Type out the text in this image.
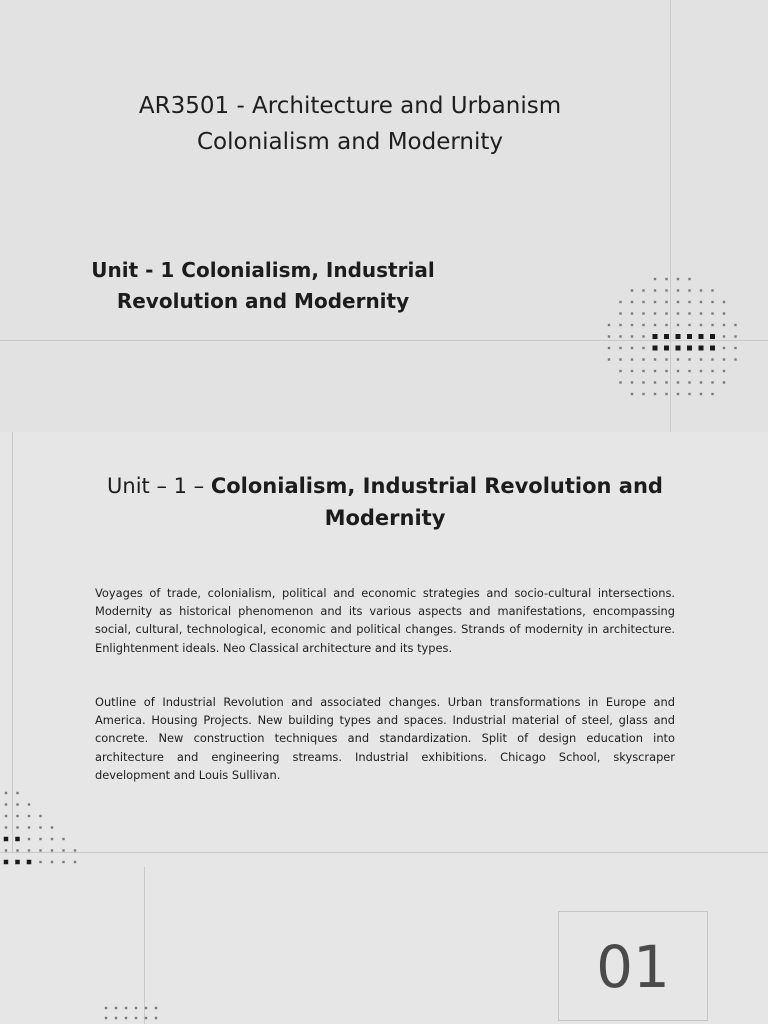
AR3501 - Architecture and Urbanism
Colonialism and Modernity
Unit - 1 Colonialism, Industrial
Revolution and Modernity
Unit – 1 – Colonialism, Industrial Revolution and
Modernity

Voyages of trade, colonialism, political and economic strategies and socio-cultural intersections. Modernity as historical phenomenon and its various aspects and manifestations, encompassing social, cultural, technological, economic and political changes. Strands of modernity in architecture. Enlightenment ideals. Neo Classical architecture and its types.

Outline of Industrial Revolution and associated changes. Urban transformations in Europe and America. Housing Projects. New building types and spaces. Industrial material of steel, glass and concrete. New construction techniques and standardization. Split of design education into architecture and engineering streams. Industrial exhibitions. Chicago School, skyscraper development and Louis Sullivan.

01
